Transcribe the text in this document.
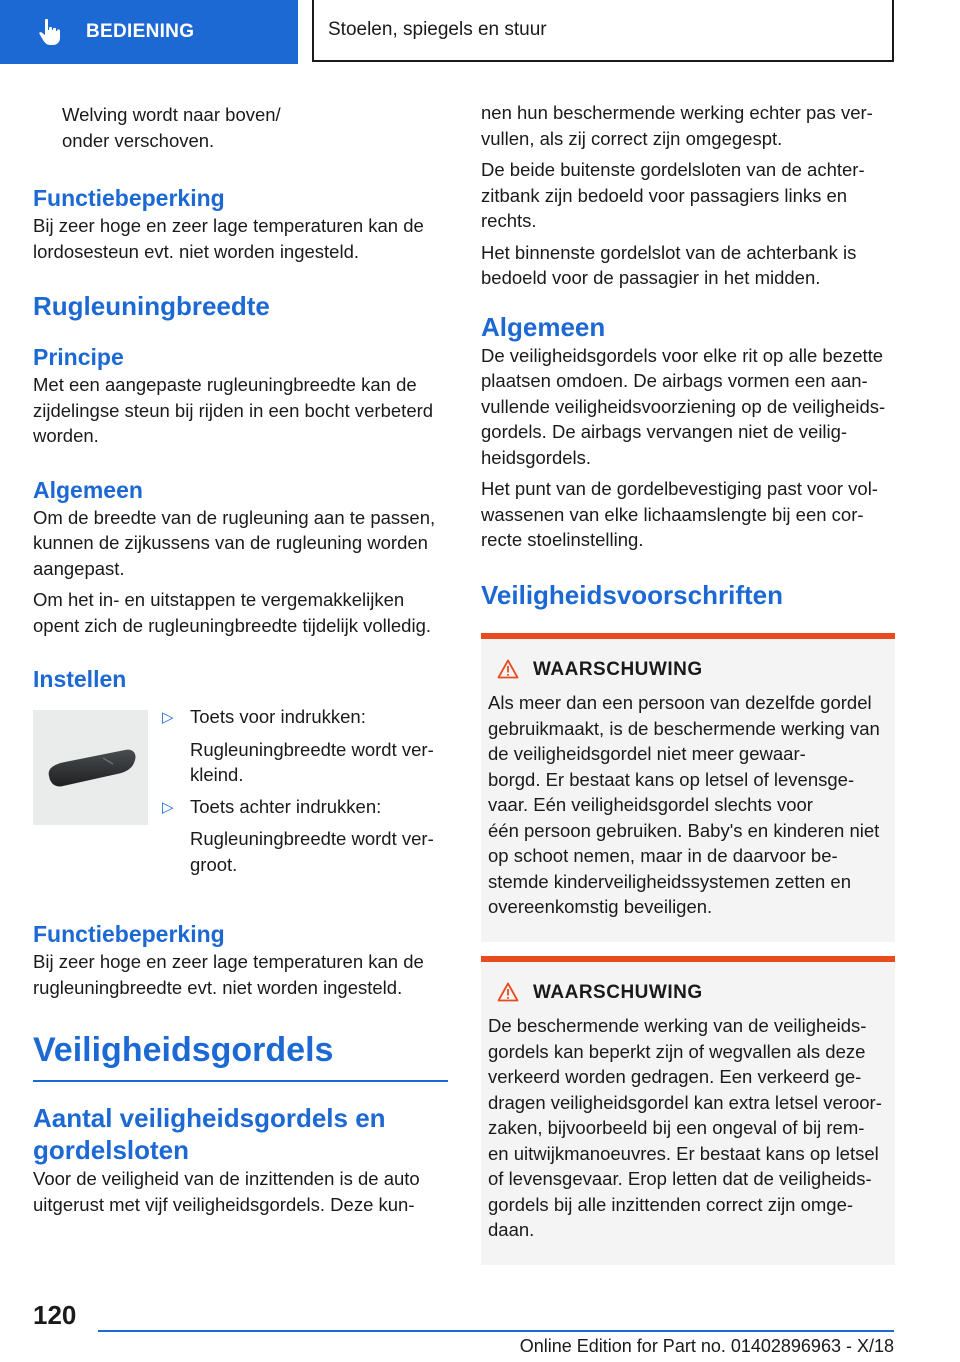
BEDIENING	Stoelen, spiegels en stuur

Welving wordt naar boven/
onder verschoven.

Functiebeperking

Bij zeer hoge en zeer lage temperaturen kan de lordosesteun evt. niet worden ingesteld.

Rugleuningbreedte
Principe

Met een aangepaste rugleuningbreedte kan de zijdelingse steun bij rijden in een bocht verbeterd worden.

Algemeen

Om de breedte van de rugleuning aan te passen, kunnen de zijkussens van de rugleuning worden aangepast.

Om het in- en uitstappen te vergemakkelijken opent zich de rugleuningbreedte tijdelijk volledig.

Instellen
▷ Toets voor indrukken:
Rugleuningbreedte wordt ver-
kleind.
▷ Toets achter indrukken:
Rugleuningbreedte wordt ver-
groot.
Functiebeperking

Bij zeer hoge en zeer lage temperaturen kan de rugleuningbreedte evt. niet worden ingesteld.

Veiligheidsgordels
Aantal veiligheidsgordels en gordelsloten

Voor de veiligheid van de inzittenden is de auto uitgerust met vijf veiligheidsgordels. Deze kun-

nen hun beschermende werking echter pas ver-
vullen, als zij correct zijn omgegespt.

De beide buitenste gordelsloten van de achter-
zitbank zijn bedoeld voor passagiers links en
rechts.

Het binnenste gordelslot van de achterbank is
bedoeld voor de passagier in het midden.

Algemeen

De veiligheidsgordels voor elke rit op alle bezette plaatsen omdoen. De airbags vormen een aan-
vullende veiligheidsvoorziening op de veiligheids-
gordels. De airbags vervangen niet de veilig-
heidsgordels.

Het punt van de gordelbevestiging past voor vol-
wassenen van elke lichaamslengte bij een cor-
recte stoelinstelling.

Veiligheidsvoorschriften
WAARSCHUWING

Als meer dan een persoon van dezelfde gordel gebruikmaakt, is de beschermende werking van de veiligheidsgordel niet meer gewaar-
borgd. Er bestaat kans op letsel of levensge-
vaar. Eén veiligheidsgordel slechts voor
één persoon gebruiken. Baby's en kinderen niet op schoot nemen, maar in de daarvoor be-
stemde kinderveiligheidssystemen zetten en overeenkomstig beveiligen.

WAARSCHUWING

De beschermende werking van de veiligheids-
gordels kan beperkt zijn of wegvallen als deze verkeerd worden gedragen. Een verkeerd ge-
dragen veiligheidsgordel kan extra letsel veroor-
zaken, bijvoorbeeld bij een ongeval of bij rem-
en uitwijkmanoeuvres. Er bestaat kans op letsel of levensgevaar. Erop letten dat de veiligheids-
gordels bij alle inzittenden correct zijn omge-
daan.

120
Online Edition for Part no. 01402896963 - X/18
